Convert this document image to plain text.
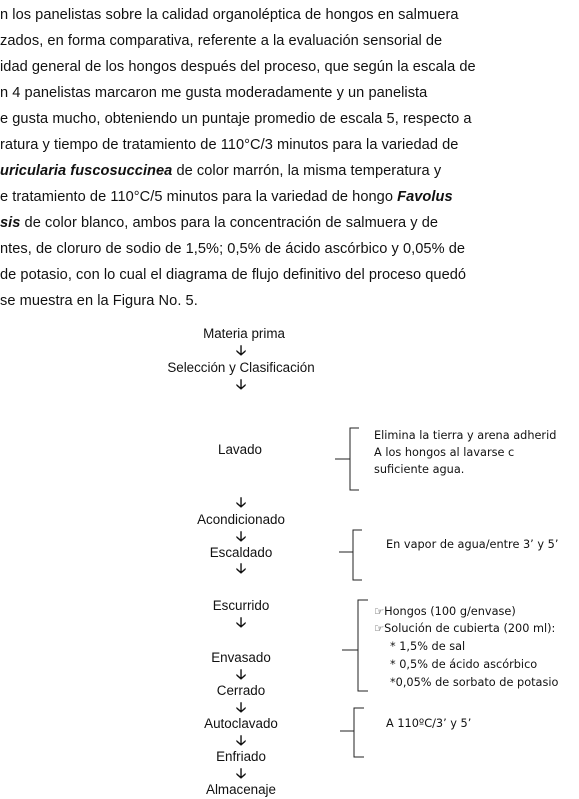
n los panelistas sobre la calidad organoléptica de hongos en salmuera
zados, en forma comparativa, referente a la evaluación sensorial de
idad general de los hongos después del proceso, que según la escala de
n 4 panelistas marcaron me gusta moderadamente y un panelista
e gusta mucho, obteniendo un puntaje promedio de escala 5, respecto a
ratura y tiempo de tratamiento de 110°C/3 minutos para la variedad de
uricularia fuscosuccinea de color marrón, la misma temperatura y
e tratamiento de 110°C/5 minutos para la variedad de hongo Favolus
sis de color blanco, ambos para la concentración de salmuera y de
ntes, de cloruro de sodio de 1,5%; 0,5% de ácido ascórbico y 0,05% de
de potasio, con lo cual el diagrama de flujo definitivo del proceso quedó
se muestra en la Figura No. 5.
Materia prima
🡣
Selección y Clasificación
🡣
Lavado
🡣
Acondicionado
🡣
Escaldado
🡣
Escurrido
🡣
Envasado
🡣
Cerrado
🡣
Autoclavado
🡣
Enfriado
🡣
Almacenaje
Elimina la tierra y arena adherid
A los hongos al lavarse c
suficiente agua.
En vapor de agua/entre 3’ y 5’
☞Hongos (100 g/envase)
☞Solución de cubierta (200 ml):
* 1,5% de sal
* 0,5% de ácido ascórbico
*0,05% de sorbato de potasio
A 110ºC/3’ y 5’
